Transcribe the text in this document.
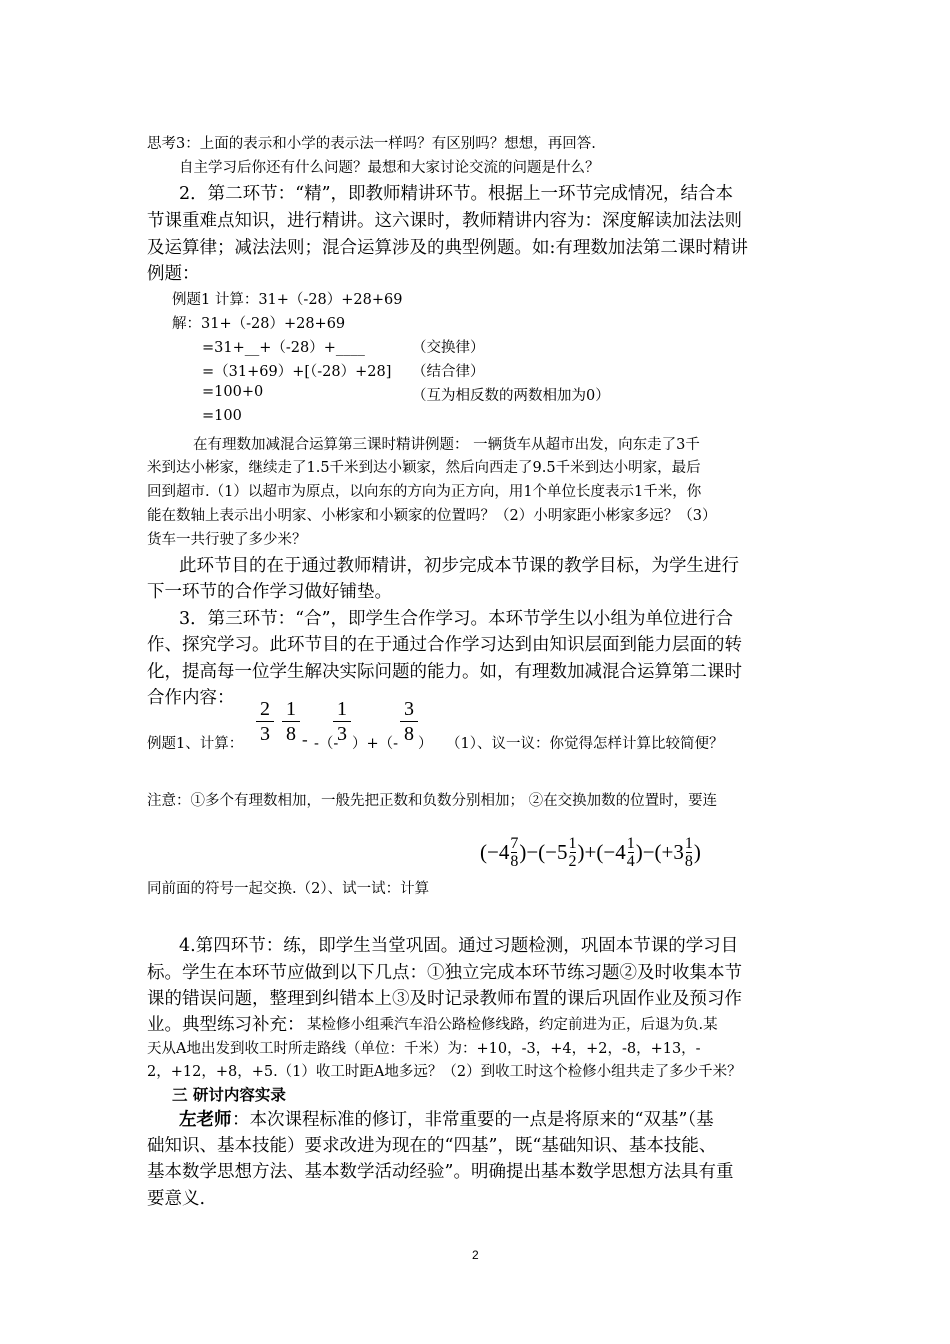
思考3：上面的表示和小学的表示法一样吗？有区别吗？想想，再回答.
自主学习后你还有什么问题？最想和大家讨论交流的问题是什么？
2．第二环节：“精”，即教师精讲环节。根据上一环节完成情况，结合本
节课重难点知识，进行精讲。这六课时，教师精讲内容为：深度解读加法法则
及运算律；减法法则；混合运算涉及的典型例题。如:有理数加法第二课时精讲
例题：
例题1 计算：31+（-28）+28+69
解：31+（-28）+28+69
=31+__+（-28）+____	（交换律）
=（31+69）+[（-28）+28] （结合律）
=100+0	（互为相反数的两数相加为0）
=100
在有理数加减混合运算第三课时精讲例题： 一辆货车从超市出发，向东走了3千
米到达小彬家，继续走了1.5千米到达小颖家，然后向西走了9.5千米到达小明家，最后
回到超市.（1）以超市为原点，以向东的方向为正方向，用1个单位长度表示1千米，你
能在数轴上表示出小明家、小彬家和小颖家的位置吗？（2）小明家距小彬家多远？（3）
货车一共行驶了多少米？
此环节目的在于通过教师精讲，初步完成本节课的教学目标，为学生进行
下一环节的合作学习做好铺垫。
3．第三环节：“合”，即学生合作学习。本环节学生以小组为单位进行合
作、探究学习。此环节目的在于通过合作学习达到由知识层面到能力层面的转
化，提高每一位学生解决实际问题的能力。如，有理数加减混合运算第二课时
合作内容：
例题1、计算：
2
3
1
8 - -（-
1
3 ）+（-
3
8 ） （1）、议一议：你觉得怎样计算比较简便？
注意：①多个有理数相加，一般先把正数和负数分别相加； ②在交换加数的位置时，要连
同前面的符号一起交换.（2）、试一试：计算
$(-4 \frac{7}{8} )-(-5 \frac{1}{2} )+(-4 \frac{1}{4} )-(+3 \frac{1}{8}$ )
4.第四环节：练，即学生当堂巩固。通过习题检测，巩固本节课的学习目
标。学生在本环节应做到以下几点：①独立完成本环节练习题②及时收集本节
课的错误问题，整理到纠错本上③及时记录教师布置的课后巩固作业及预习作
业。典型练习补充： 某检修小组乘汽车沿公路检修线路，约定前进为正，后退为负.某
天从A地出发到收工时所走路线（单位：千米）为：+10，-3，+4，+2，-8，+13，-
2，+12，+8，+5.（1）收工时距A地多远？（2）到收工时这个检修小组共走了多少千米？
三 研讨内容实录
左老师 ：本次课程标准的修订，非常重要的一点是将原来的“双基”（基
础知识、基本技能）要求改进为现在的“四基”，既“基础知识、基本技能、
基本数学思想方法、基本数学活动经验”。明确提出基本数学思想方法具有重
要意义.
2
